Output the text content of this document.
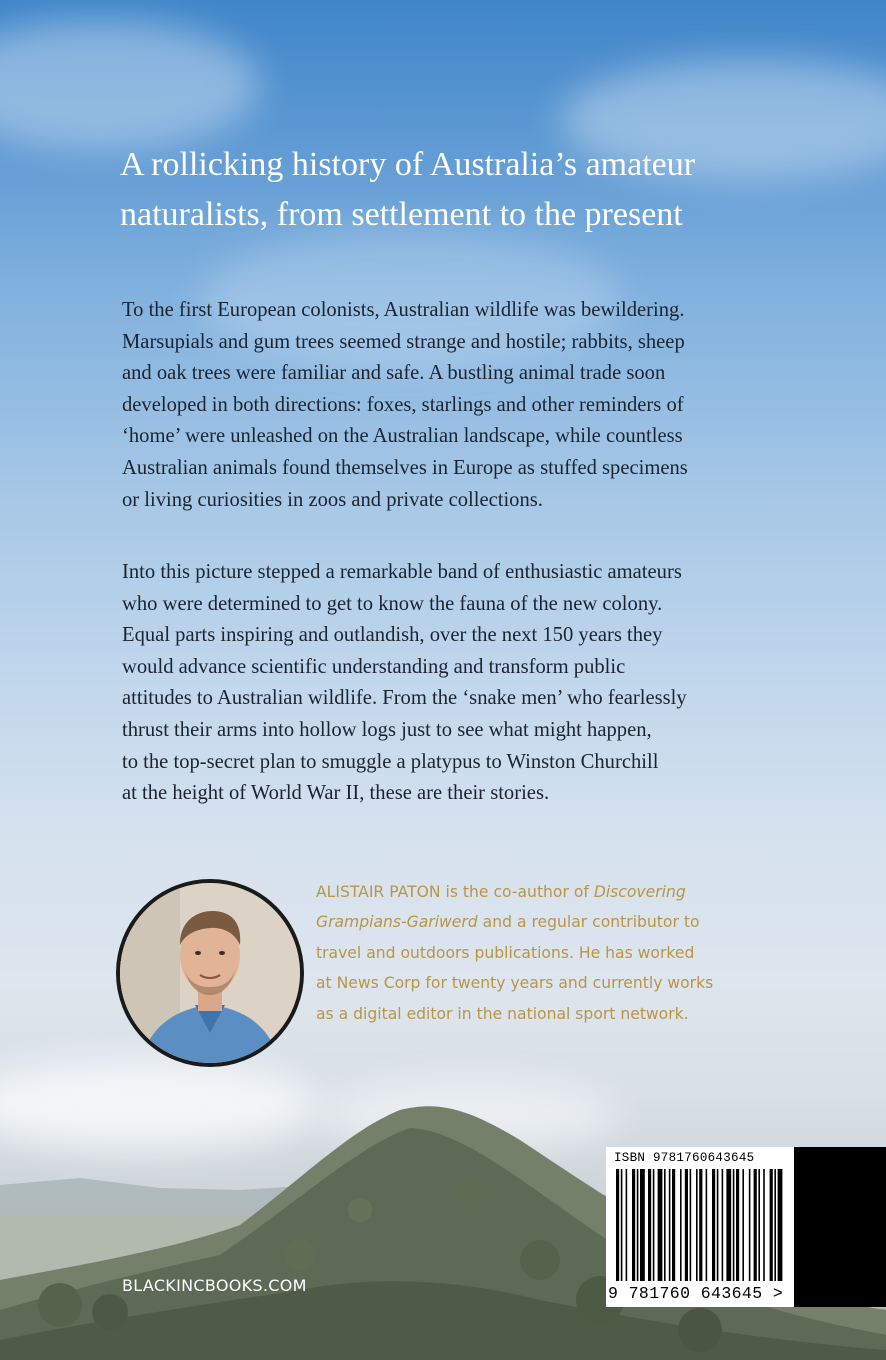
A rollicking history of Australia’s amateur
naturalists, from settlement to the present

To the first European colonists, Australian wildlife was bewildering.
Marsupials and gum trees seemed strange and hostile; rabbits, sheep
and oak trees were familiar and safe. A bustling animal trade soon
developed in both directions: foxes, starlings and other reminders of
‘home’ were unleashed on the Australian landscape, while countless
Australian animals found themselves in Europe as stuffed specimens
or living curiosities in zoos and private collections.

Into this picture stepped a remarkable band of enthusiastic amateurs
who were determined to get to know the fauna of the new colony.
Equal parts inspiring and outlandish, over the next 150 years they
would advance scientific understanding and transform public
attitudes to Australian wildlife. From the ‘snake men’ who fearlessly
thrust their arms into hollow logs just to see what might happen,
to the top-secret plan to smuggle a platypus to Winston Churchill
at the height of World War II, these are their stories.

ALISTAIR PATON is the co-author of Discovering
Grampians-Gariwerd and a regular contributor to
travel and outdoors publications. He has worked
at News Corp for twenty years and currently works
as a digital editor in the national sport network.

BLACKINCBOOKS.COM
ISBN 9781760643645
9 781760 643645 >
